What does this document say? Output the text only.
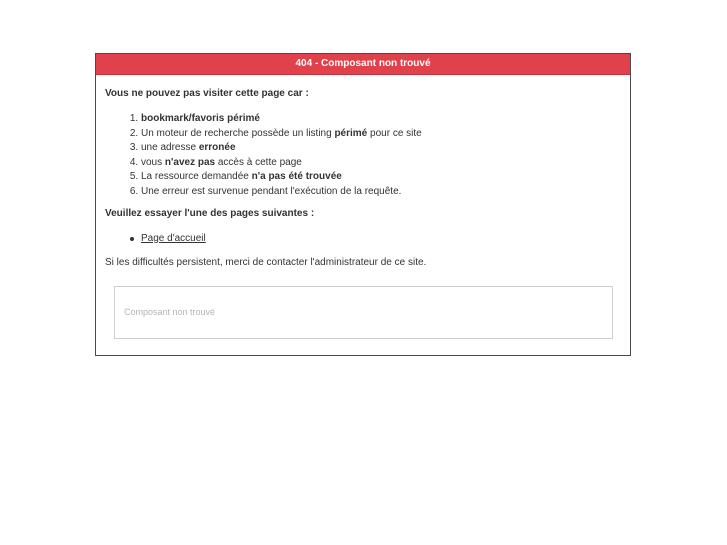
404 - Composant non trouvé

Vous ne pouvez pas visiter cette page car :

1. bookmark/favoris périmé
2. Un moteur de recherche possède un listing périmé pour ce site
3. une adresse erronée
4. vous n'avez pas accès à cette page
5. La ressource demandée n'a pas été trouvée
6. Une erreur est survenue pendant l'exécution de la requête.

Veuillez essayer l'une des pages suivantes :

Page d'accueil

Si les difficultés persistent, merci de contacter l'administrateur de ce site.

Composant non trouvé
